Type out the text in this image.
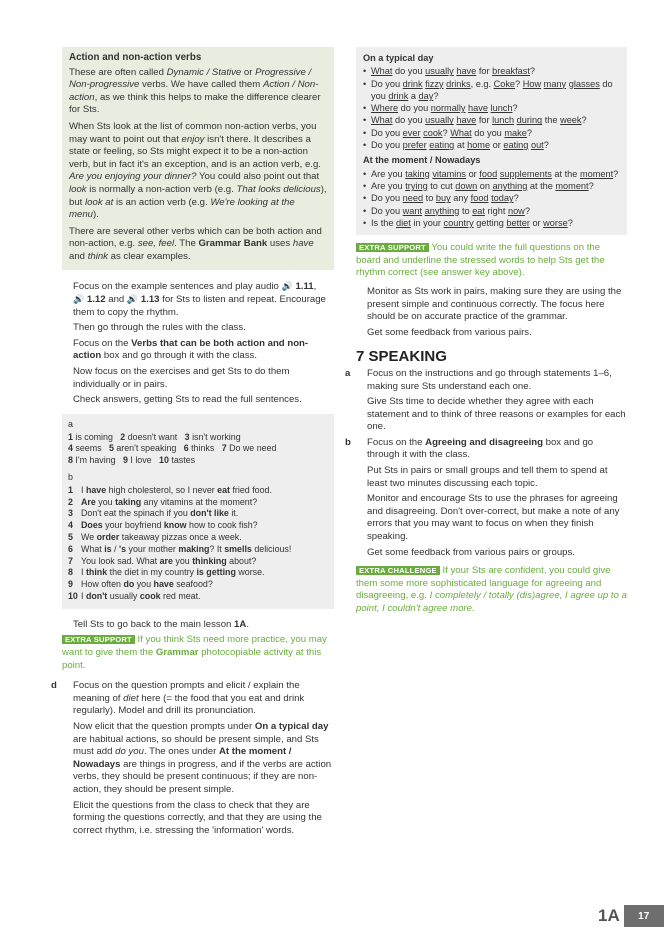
Action and non-action verbs

These are often called Dynamic / Stative or Progressive / Non-progressive verbs. We have called them Action / Non-action, as we think this helps to make the difference clearer for Sts.

When Sts look at the list of common non-action verbs, you may want to point out that enjoy isn't there. It describes a state or feeling, so Sts might expect it to be a non-action verb, but in fact it's an exception, and is an action verb, e.g. Are you enjoying your dinner? You could also point out that look is normally a non-action verb (e.g. That looks delicious), but look at is an action verb (e.g. We're looking at the menu).

There are several other verbs which can be both action and non-action, e.g. see, feel. The Grammar Bank uses have and think as clear examples.

Focus on the example sentences and play audio 🔊 1.11,
🔊 1.12 and 🔊 1.13 for Sts to listen and repeat. Encourage them to copy the rhythm.

Then go through the rules with the class.

Focus on the Verbs that can be both action and non-action box and go through it with the class.

Now focus on the exercises and get Sts to do them individually or in pairs.

Check answers, getting Sts to read the full sentences.

a
1 is coming 2 doesn't want 3 isn't working
4 seems 5 aren't speaking 6 thinks 7 Do we need
8 I'm having 9 I love 10 tastes
b
1 I have high cholesterol, so I never eat fried food.
2 Are you taking any vitamins at the moment?
3 Don't eat the spinach if you don't like it.
4 Does your boyfriend know how to cook fish?
5 We order takeaway pizzas once a week.
6 What is / 's your mother making? It smells delicious!
7 You look sad. What are you thinking about?
8 I think the diet in my country is getting worse.
9 How often do you have seafood?
10 I don't usually cook red meat.

Tell Sts to go back to the main lesson 1A.

EXTRA SUPPORT If you think Sts need more practice, you may want to give them the Grammar photocopiable activity at this point.

d Focus on the question prompts and elicit / explain the meaning of diet here (= the food that you eat and drink regularly). Model and drill its pronunciation.

Now elicit that the question prompts under On a typical day are habitual actions, so should be present simple, and Sts must add do you. The ones under At the moment / Nowadays are things in progress, and if the verbs are action verbs, they should be present continuous; if they are non-action, they should be present simple.

Elicit the questions from the class to check that they are forming the questions correctly, and that they are using the correct rhythm, i.e. stressing the 'information' words.

On a typical day
• What do you usually have for breakfast?
• Do you drink fizzy drinks, e.g. Coke? How many glasses do you drink a day?
• Where do you normally have lunch?
• What do you usually have for lunch during the week?
• Do you ever cook? What do you make?
• Do you prefer eating at home or eating out?
At the moment / Nowadays
• Are you taking vitamins or food supplements at the moment?
• Are you trying to cut down on anything at the moment?
• Do you need to buy any food today?
• Do you want anything to eat right now?
• Is the diet in your country getting better or worse?

EXTRA SUPPORT You could write the full questions on the board and underline the stressed words to help Sts get the rhythm correct (see answer key above).

Monitor as Sts work in pairs, making sure they are using the present simple and continuous correctly. The focus here should be on accurate practice of the grammar.

Get some feedback from various pairs.

7 SPEAKING

a Focus on the instructions and go through statements 1–6, making sure Sts understand each one.

Give Sts time to decide whether they agree with each statement and to think of three reasons or examples for each one.

b Focus on the Agreeing and disagreeing box and go through it with the class.

Put Sts in pairs or small groups and tell them to spend at least two minutes discussing each topic.

Monitor and encourage Sts to use the phrases for agreeing and disagreeing. Don't over-correct, but make a note of any errors that you may want to focus on when they finish speaking.

Get some feedback from various pairs or groups.

EXTRA CHALLENGE If your Sts are confident, you could give them some more sophisticated language for agreeing and disagreeing, e.g. I completely / totally (dis)agree, I agree up to a point, I couldn't agree more.

1A	17
